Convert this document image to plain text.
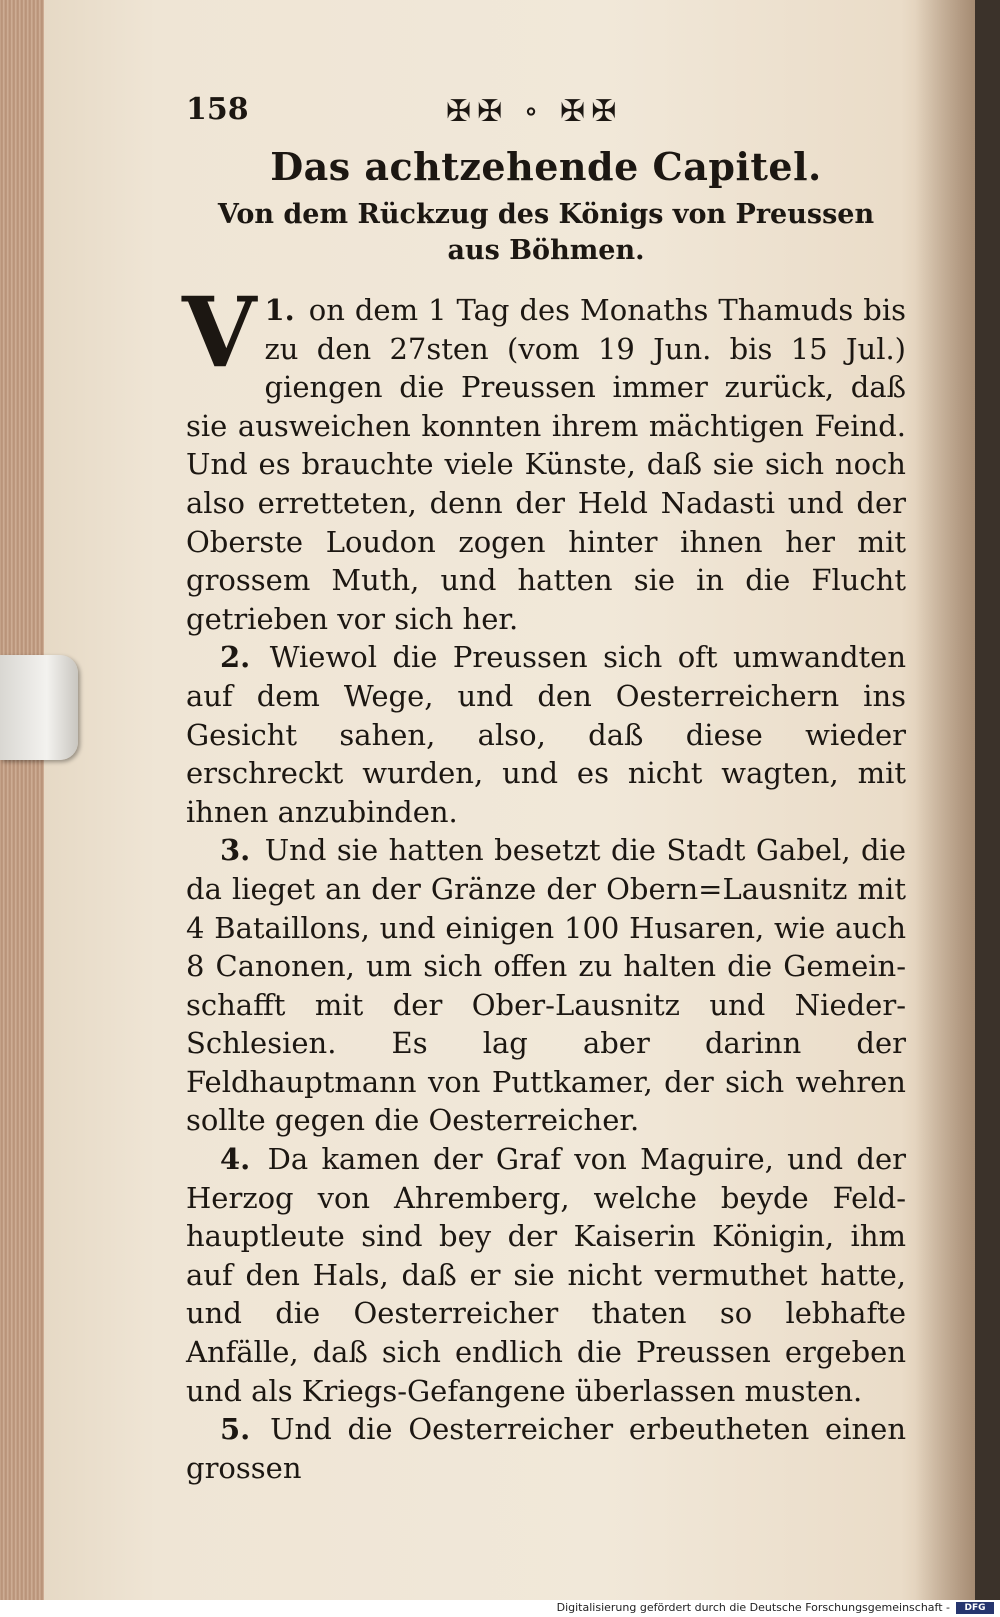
158	✠✠ ∘ ✠✠
Das achtzehende Capitel.
Von dem Rückzug des Königs von Preussen aus Böhmen.

1.
V on dem 1 Tag des Monaths Thamuds bis zu den 27sten (vom 19 Jun. bis 15 Jul.) giengen die Preussen immer zurück, daß sie ausweichen konnten ihrem mächtigen Feind. Und es brauchte viele Künste, daß sie sich noch also erretteten, denn der Held Nadasti und der Oberste Loudon zogen hinter ihnen her mit grossem Muth, und hatten sie in die Flucht getrieben vor sich her.

2. Wiewol die Preussen sich oft umwandten auf dem Wege, und den Oesterreichern ins Gesicht sahen, also, daß diese wieder erschreckt wurden, und es nicht wagten, mit ihnen anzubinden.

3. Und sie hatten besetzt die Stadt Gabel, die da lieget an der Gränze der Obern=Lausnitz mit 4 Bataillons, und einigen 100 Husaren, wie auch 8 Canonen, um sich offen zu halten die Gemeinschafft mit der Ober-Lausnitz und Nieder-Schlesien. Es lag aber darinn der Feldhauptmann von Puttkamer, der sich wehren sollte gegen die Oesterreicher.

4. Da kamen der Graf von Maguire, und der Herzog von Ahremberg, welche beyde Feldhauptleute sind bey der Kaiserin Königin, ihm auf den Hals, daß er sie nicht vermuthet hatte, und die Oesterreicher thaten so lebhafte Anfälle, daß sich endlich die Preussen ergeben und als Kriegs-Gefangene überlassen musten.

5. Und die Oesterreicher erbeutheten einen grossen

Digitalisierung gefördert durch die Deutsche Forschungsgemeinschaft -	DFG
